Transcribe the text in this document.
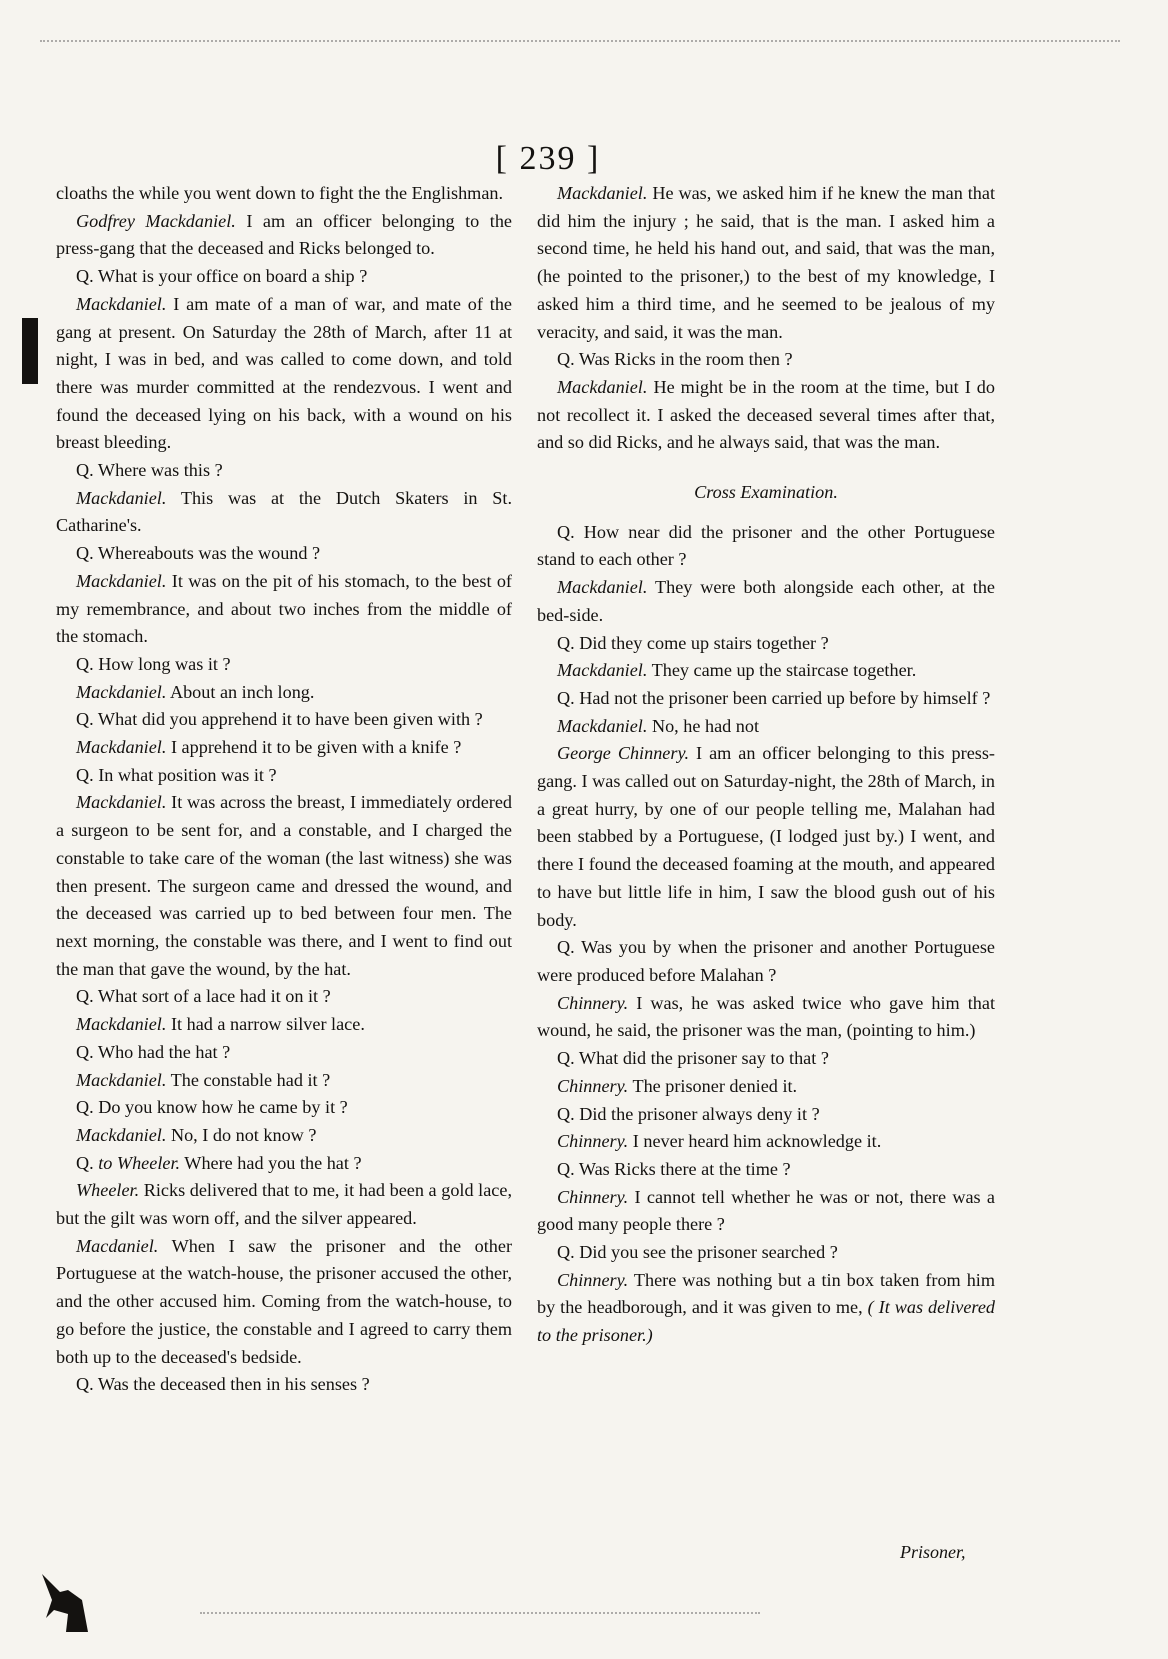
[ 239 ]

cloaths the while you went down to fight the the Englishman.

Godfrey Mackdaniel. I am an officer belonging to the press-gang that the deceased and Ricks belonged to.

Q. What is your office on board a ship ?

Mackdaniel. I am mate of a man of war, and mate of the gang at present. On Saturday the 28th of March, after 11 at night, I was in bed, and was called to come down, and told there was murder committed at the rendezvous. I went and found the deceased lying on his back, with a wound on his breast bleeding.

Q. Where was this ?

Mackdaniel. This was at the Dutch Skaters in St. Catharine's.

Q. Whereabouts was the wound ?

Mackdaniel. It was on the pit of his stomach, to the best of my remembrance, and about two inches from the middle of the stomach.

Q. How long was it ?

Mackdaniel. About an inch long.

Q. What did you apprehend it to have been given with ?

Mackdaniel. I apprehend it to be given with a knife ?

Q. In what position was it ?

Mackdaniel. It was across the breast, I immediately ordered a surgeon to be sent for, and a constable, and I charged the constable to take care of the woman (the last witness) she was then present. The surgeon came and dressed the wound, and the deceased was carried up to bed between four men. The next morning, the constable was there, and I went to find out the man that gave the wound, by the hat.

Q. What sort of a lace had it on it ?

Mackdaniel. It had a narrow silver lace.

Q. Who had the hat ?

Mackdaniel. The constable had it ?

Q. Do you know how he came by it ?

Mackdaniel. No, I do not know ?

Q. to Wheeler. Where had you the hat ?

Wheeler. Ricks delivered that to me, it had been a gold lace, but the gilt was worn off, and the silver appeared.

Macdaniel. When I saw the prisoner and the other Portuguese at the watch-house, the prisoner accused the other, and the other accused him. Coming from the watch-house, to go before the justice, the constable and I agreed to carry them both up to the deceased's bedside.

Q. Was the deceased then in his senses ?

Mackdaniel. He was, we asked him if he knew the man that did him the injury ; he said, that is the man. I asked him a second time, he held his hand out, and said, that was the man, (he pointed to the prisoner,) to the best of my knowledge, I asked him a third time, and he seemed to be jealous of my veracity, and said, it was the man.

Q. Was Ricks in the room then ?

Mackdaniel. He might be in the room at the time, but I do not recollect it. I asked the deceased several times after that, and so did Ricks, and he always said, that was the man.

Cross Examination.

Q. How near did the prisoner and the other Portuguese stand to each other ?

Mackdaniel. They were both alongside each other, at the bed-side.

Q. Did they come up stairs together ?

Mackdaniel. They came up the staircase together.

Q. Had not the prisoner been carried up before by himself ?

Mackdaniel. No, he had not

George Chinnery. I am an officer belonging to this press-gang. I was called out on Saturday-night, the 28th of March, in a great hurry, by one of our people telling me, Malahan had been stabbed by a Portuguese, (I lodged just by.) I went, and there I found the deceased foaming at the mouth, and appeared to have but little life in him, I saw the blood gush out of his body.

Q. Was you by when the prisoner and another Portuguese were produced before Malahan ?

Chinnery. I was, he was asked twice who gave him that wound, he said, the prisoner was the man, (pointing to him.)

Q. What did the prisoner say to that ?

Chinnery. The prisoner denied it.

Q. Did the prisoner always deny it ?

Chinnery. I never heard him acknowledge it.

Q. Was Ricks there at the time ?

Chinnery. I cannot tell whether he was or not, there was a good many people there ?

Q. Did you see the prisoner searched ?

Chinnery. There was nothing but a tin box taken from him by the headborough, and it was given to me, ( It was delivered to the prisoner.)

Prisoner,
